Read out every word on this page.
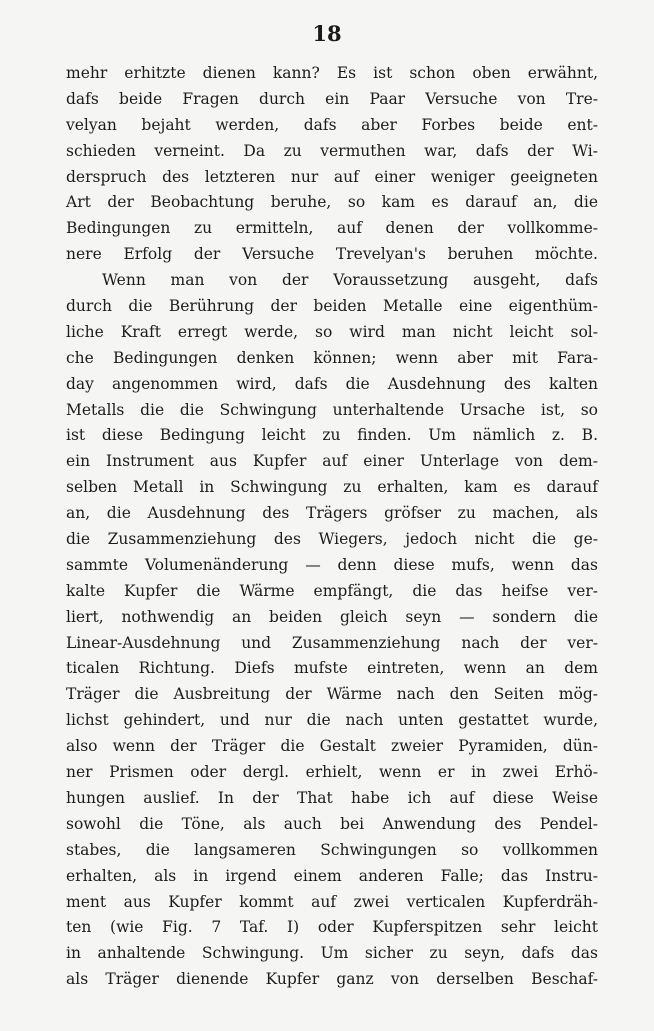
18
mehr erhitzte dienen kann? Es ist schon oben erwähnt,
dafs beide Fragen durch ein Paar Versuche von Tre-
velyan bejaht werden, dafs aber Forbes beide ent-
schieden verneint. Da zu vermuthen war, dafs der Wi-
derspruch des letzteren nur auf einer weniger geeigneten
Art der Beobachtung beruhe, so kam es darauf an, die
Bedingungen zu ermitteln, auf denen der vollkomme-
nere Erfolg der Versuche Trevelyan's beruhen möchte.
Wenn man von der Voraussetzung ausgeht, dafs
durch die Berührung der beiden Metalle eine eigenthüm-
liche Kraft erregt werde, so wird man nicht leicht sol-
che Bedingungen denken können; wenn aber mit Fara-
day angenommen wird, dafs die Ausdehnung des kalten
Metalls die die Schwingung unterhaltende Ursache ist, so
ist diese Bedingung leicht zu finden. Um nämlich z. B.
ein Instrument aus Kupfer auf einer Unterlage von dem-
selben Metall in Schwingung zu erhalten, kam es darauf
an, die Ausdehnung des Trägers gröfser zu machen, als
die Zusammenziehung des Wiegers, jedoch nicht die ge-
sammte Volumenänderung — denn diese mufs, wenn das
kalte Kupfer die Wärme empfängt, die das heifse ver-
liert, nothwendig an beiden gleich seyn — sondern die
Linear-Ausdehnung und Zusammenziehung nach der ver-
ticalen Richtung. Diefs mufste eintreten, wenn an dem
Träger die Ausbreitung der Wärme nach den Seiten mög-
lichst gehindert, und nur die nach unten gestattet wurde,
also wenn der Träger die Gestalt zweier Pyramiden, dün-
ner Prismen oder dergl. erhielt, wenn er in zwei Erhö-
hungen auslief. In der That habe ich auf diese Weise
sowohl die Töne, als auch bei Anwendung des Pendel-
stabes, die langsameren Schwingungen so vollkommen
erhalten, als in irgend einem anderen Falle; das Instru-
ment aus Kupfer kommt auf zwei verticalen Kupferdräh-
ten (wie Fig. 7 Taf. I) oder Kupferspitzen sehr leicht
in anhaltende Schwingung. Um sicher zu seyn, dafs das
als Träger dienende Kupfer ganz von derselben Beschaf-
